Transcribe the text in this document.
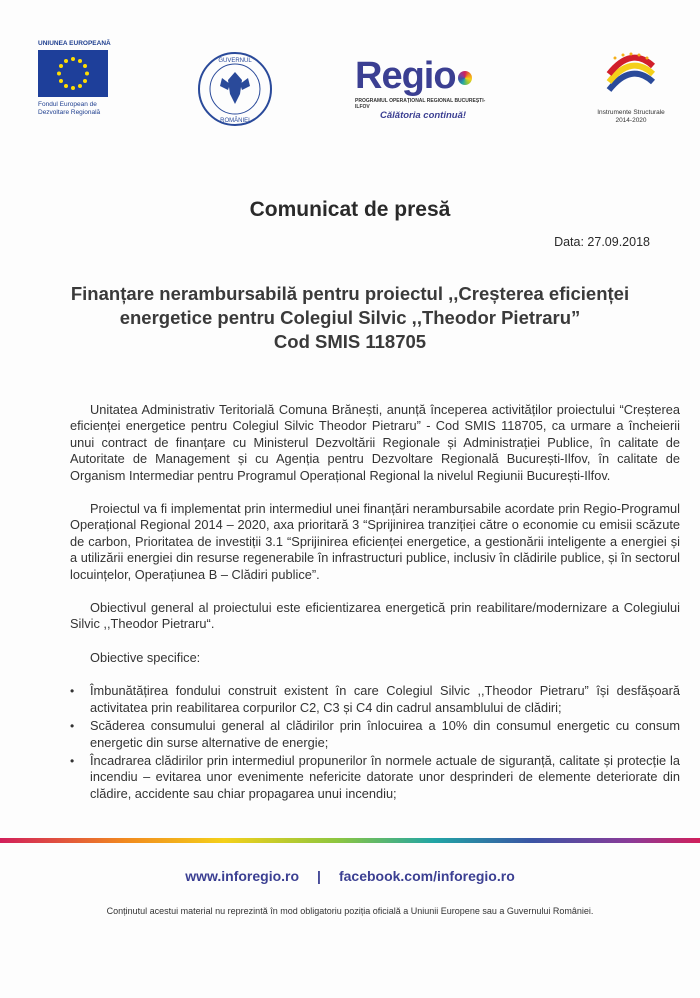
UNIUNEA EUROPEANĂ
Fondul European de
Dezvoltare Regională
GUVERNUL
ROMÂNIEI
Regio
PROGRAMUL OPERAȚIONAL REGIONAL BUCUREȘTI-ILFOV
Călătoria continuă!	Instrumente Structurale
2014-2020
Comunicat de presă
Data: 27.09.2018
Finanțare nerambursabilă pentru proiectul ,,Creșterea eficienței
energetice pentru Colegiul Silvic ,,Theodor Pietraru”
Cod SMIS 118705

Unitatea Administrativ Teritorială Comuna Brănești, anunță începerea activităților proiectului “Creșterea eficienței energetice pentru Colegiul Silvic Theodor Pietraru” - Cod SMIS 118705, ca urmare a încheierii unui contract de finanțare cu Ministerul Dezvoltării Regionale și Administrației Publice, în calitate de Autoritate de Management și cu Agenția pentru Dezvoltare Regională București-Ilfov, în calitate de Organism Intermediar pentru Programul Operațional Regional la nivelul Regiunii București-Ilfov.

Proiectul va fi implementat prin intermediul unei finanțări nerambursabile acordate prin Regio-Programul Operațional Regional 2014 – 2020, axa prioritară 3 “Sprijinirea tranziției către o economie cu emisii scăzute de carbon, Prioritatea de investiții 3.1 “Sprijinirea eficienței energetice, a gestionării inteligente a energiei și a utilizării energiei din resurse regenerabile în infrastructuri publice, inclusiv în clădirile publice, și în sectorul locuințelor, Operațiunea B – Clădiri publice”.

Obiectivul general al proiectului este eficientizarea energetică prin reabilitare/modernizare a Colegiului Silvic ,,Theodor Pietraru“.

Obiective specifice:

• Îmbunătățirea fondului construit existent în care Colegiul Silvic ,,Theodor Pietraru” își desfășoară activitatea prin reabilitarea corpurilor C2, C3 și C4 din cadrul ansamblului de clădiri;
• Scăderea consumului general al clădirilor prin înlocuirea a 10% din consumul energetic cu consum energetic din surse alternative de energie;
• Încadrarea clădirilor prin intermediul propunerilor în normele actuale de siguranță, calitate și protecție la incendiu – evitarea unor evenimente nefericite datorate unor desprinderi de elemente deteriorate din clădire, accidente sau chiar propagarea unui incendiu;
www.inforegio.ro | facebook.com/inforegio.ro
Conținutul acestui material nu reprezintă în mod obligatoriu poziția oficială a Uniunii Europene sau a Guvernului României.
